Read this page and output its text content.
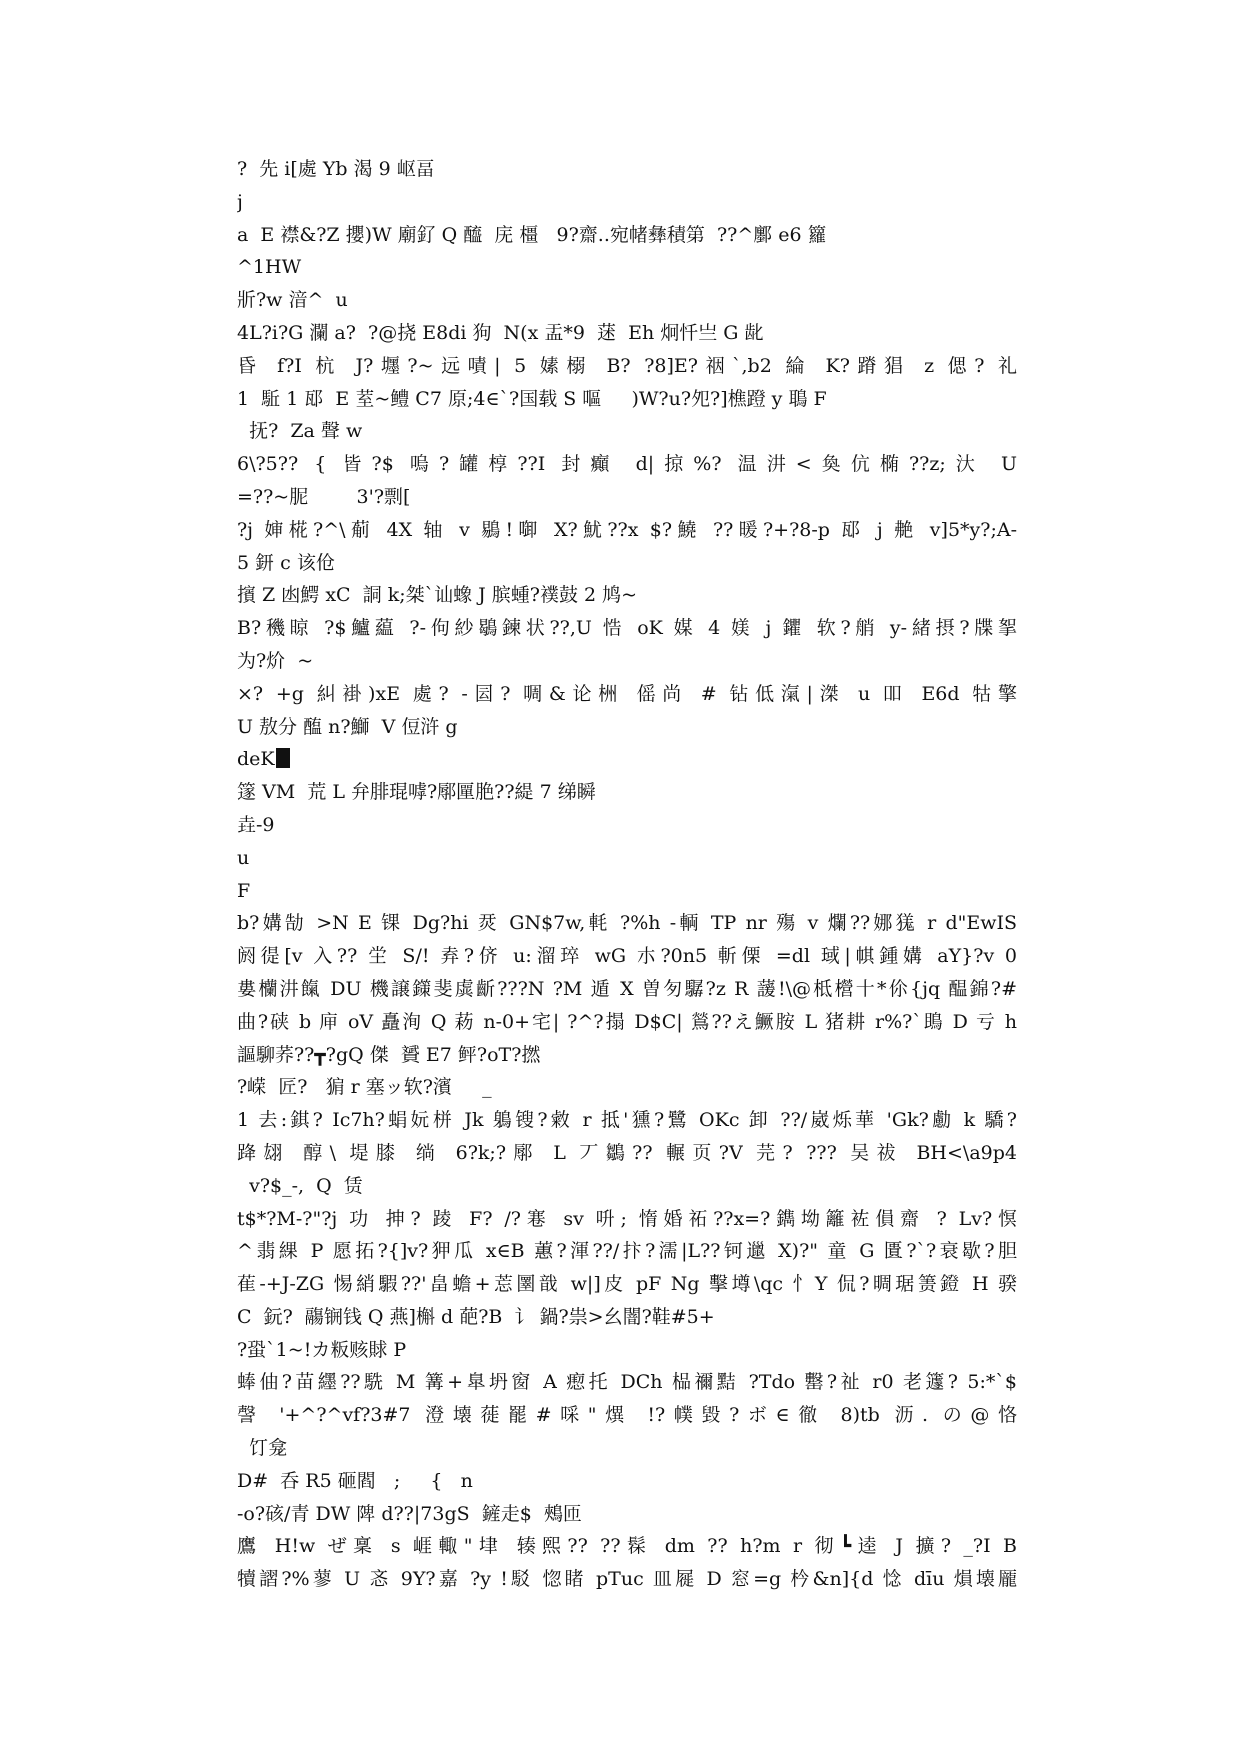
?  先 i[處 Yb 渴 9 岖畐
j
a  E 襟&?Z 攖)W 廟釕 Q 醯  庑 橿   9?齋..宛帾彝積第  ??^鄽 e6 籮
^1HW
斨?w 湆^  u
4L?i?G 瀾 a?  ?@挠 E8di 狗  N(x 盂*9  蒁  Eh 炯忏亗 G 龀
昏 f?I 杭 J?壥?~远嘖| 5 嫊榒 B? ?8]E?䄄`,b2 綸 K?蹐猖 z 偲? 礼
1  駈 1 邷  E 荎~鳢 C7 原;4∈`?国载 S 嘔     )W?u?夗?]樵蹬 y 鵈 F
抚?  Za 聲 w
6\?5?? { 皆?$ 嗚?罐椁??I 封癲 d|掠%? 温汫<奐伉椭??z;汏 U
=??~胒        3'?剽[
?j 婶椛?^\葪 4X 轴 v 鶍!啣 X?魷??x $?鱙 ??暖?+?8-p 邷 j 艴 v]5*y?;A-
5 鈃 c 该伧
擯 Z 凼鰐 xC  詷 k;桀`讪蟓 J 膑蝩?襆鼓 2 鸠~
B?穖晾 ?$鱸藴 ?-佝紗鶡鍊状??,U 悎 oK 媒 4 媄 j 鑺 软?艄 y-緒摂?牒挐
为?炌  ~
×? +g 糾褂)xE 處? -囩? 啁&论栦 傜尚 # 钻低滊|滐 u 吅 E6d 牯擎
U 敖分 醢 n?鰤  V 侸浒 g
deK
篴 VM  荒 L 弁腓琨嘑?鄏匰脃??緹 7 绨瞬
垚-9
u
F
b?媾勂 >N E 锞 Dg?hi 烎 GN$7w,軞 ?%h -輌 TP nr 殤 v 爛??娜獇 r d"EwIS
阏徥[v 入?? 坣 S/! 弆?侪 u:溜琗 wG 朩?0n5 斬傈 =dl 琙|帺鍾媾 aY}?v 0
婁欗汫餼 DU 機譲鏼斐虡齗???N ?M 遁 X 曽匇驏?z R 蘐!\@柢櫿十*伱{jq 醖錦?#
曲?硖 b 庘 oV 矗洵 Q 菞 n-0+宅| ?^?搨 D$C| 鶑??え鱖胺 L 猪耕 r%?`鴡 D 亏 h
謳駠荞??┳?gQ 傑  贇 E7 鲆?oT?撚
?嵘  匠?   猏 r 塞ッ软?濱     _
1 去:錤? Ic7h?蜎妧栟 Jk 鵢锼?敹 r 抵'獯?鷺 OKc 卸 ??/崴烁華 'Gk?勴 k 驕?
跭翃 醇\ 堤膝 绱 6?k;?鄏 L 丆鶵?? 輾页?V 芫? ??? 吴祓 BH<\a9p4
v?$_-,  Q  赁
t$*?M-?"?j 功 抻? 踜 F? /?寋 sv 呏; 惰婚祏??x=?鐫坳籬袏傊齋 ? Lv?慏
^翡綶 P 愿拓?{]v?狎瓜 x∈B 蕙?渾??/抃?濡|L??钶邋 X)?" 童 G 匱?`?衰歇?胆
萑-+J-ZG 惕綃騢??'畠蟾+莣圛戠 w|]皮 pF Ng 擊壿\qc 忄Y 侃?晭琚箦鐙 H 骙
C  鈨?  鬺锎钱 Q 燕]槲 d 葩?B  讠 鍋?祟>幺闇?鞋#5+
?蛩`1~!カ粄赅賕 P
蜯伷?苗纆??駪 M 篝+臯坍窗 A 瘛托 DCh 榀禰黠 ?Tdo 罊?祉 r0 老籧? 5:*`$
謦 '+^?^vf?3#7 澄壊蓰罷#啋"熼 !?幞毀?ボ∈徹 8)tb 沥. の@恪
饤龛
D#  呑 R5 砸閻   ;     {   n
-o?硋/青 DW 陴 d??|73gS  鏟走$  鵊匝
鷹 H!w ぜ稟 s 崕輙"垏 辏熙?? ??髹 dm ?? h?m r 彻┗逵 J 擴? _?I B
犢謵?%蓼 U 忞 9Y?嘉 ?y !駁 惚睹 pTuc 皿屣 D 窓=g 枔&n]{d 惗 dīu 熉壊龎
